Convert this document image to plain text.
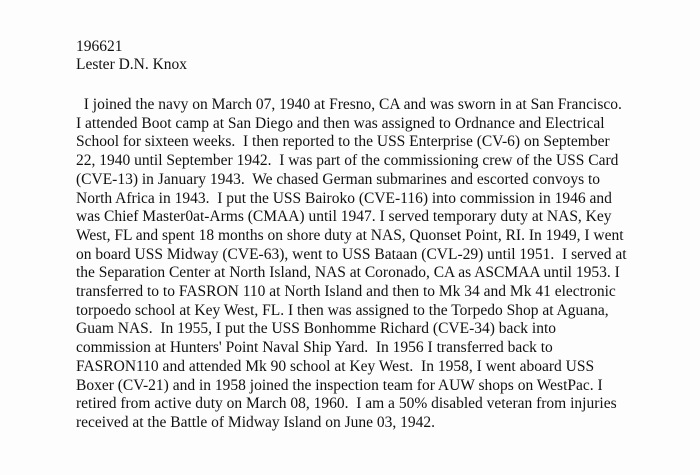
196621
Lester D.N. Knox
I joined the navy on March 07, 1940 at Fresno, CA and was sworn in at San Francisco.
I attended Boot camp at San Diego and then was assigned to Ordnance and Electrical
School for sixteen weeks.  I then reported to the USS Enterprise (CV-6) on September
22, 1940 until September 1942.  I was part of the commissioning crew of the USS Card
(CVE-13) in January 1943.  We chased German submarines and escorted convoys to
North Africa in 1943.  I put the USS Bairoko (CVE-116) into commission in 1946 and
was Chief Master0at-Arms (CMAA) until 1947. I served temporary duty at NAS, Key
West, FL and spent 18 months on shore duty at NAS, Quonset Point, RI. In 1949, I went
on board USS Midway (CVE-63), went to USS Bataan (CVL-29) until 1951.  I served at
the Separation Center at North Island, NAS at Coronado, CA as ASCMAA until 1953. I
transferred to to FASRON 110 at North Island and then to Mk 34 and Mk 41 electronic
torpoedo school at Key West, FL. I then was assigned to the Torpedo Shop at Aguana,
Guam NAS.  In 1955, I put the USS Bonhomme Richard (CVE-34) back into
commission at Hunters' Point Naval Ship Yard.  In 1956 I transferred back to
FASRON110 and attended Mk 90 school at Key West.  In 1958, I went aboard USS
Boxer (CV-21) and in 1958 joined the inspection team for AUW shops on WestPac. I
retired from active duty on March 08, 1960.  I am a 50% disabled veteran from injuries
received at the Battle of Midway Island on June 03, 1942.
